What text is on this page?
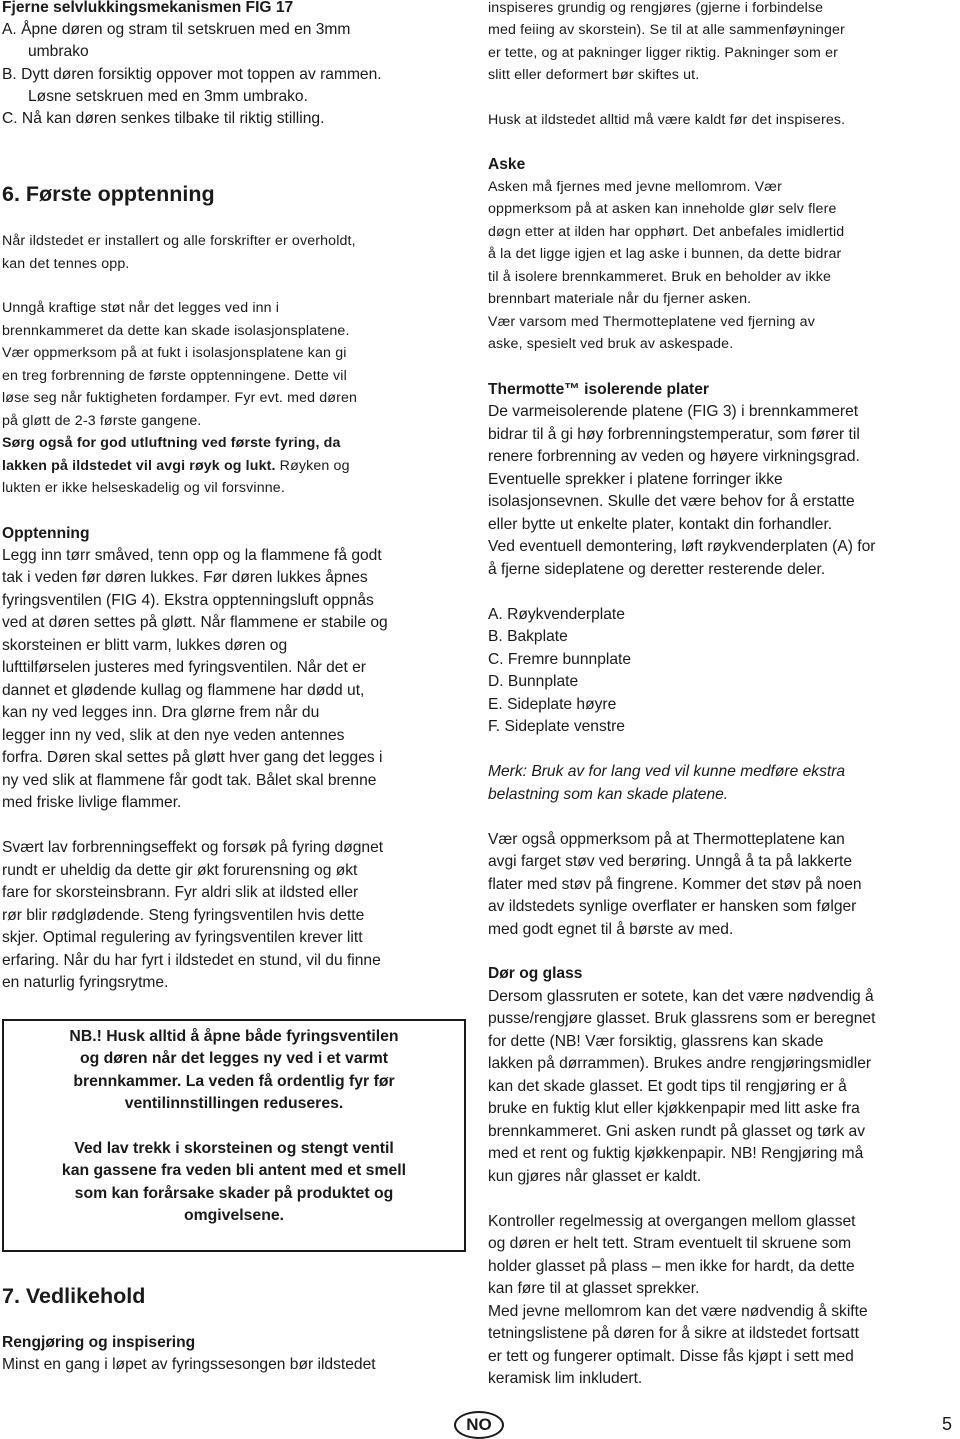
Fjerne selvlukkingsmekanismen FIG 17
A. Åpne døren og stram til setskruen med en 3mm
umbrako
B. Dytt døren forsiktig oppover mot toppen av rammen.
Løsne setskruen med en 3mm umbrako.
C. Nå kan døren senkes tilbake til riktig stilling.
6. Første opptenning
Når ildstedet er installert og alle forskrifter er overholdt,
kan det tennes opp.
Unngå kraftige støt når det legges ved inn i
brennkammeret da dette kan skade isolasjonsplatene.
Vær oppmerksom på at fukt i isolasjonsplatene kan gi
en treg forbrenning de første opptenningene. Dette vil
løse seg når fuktigheten fordamper. Fyr evt. med døren
på gløtt de 2-3 første gangene.
Sørg også for god utluftning ved første fyring, da
lakken på ildstedet vil avgi røyk og lukt. Røyken og
lukten er ikke helseskadelig og vil forsvinne.
Opptenning
Legg inn tørr småved, tenn opp og la flammene få godt
tak i veden før døren lukkes. Før døren lukkes åpnes
fyringsventilen (FIG 4). Ekstra opptenningsluft oppnås
ved at døren settes på gløtt. Når flammene er stabile og
skorsteinen er blitt varm, lukkes døren og
lufttilførselen justeres med fyringsventilen. Når det er
dannet et glødende kullag og flammene har dødd ut,
kan ny ved legges inn. Dra glørne frem når du
legger inn ny ved, slik at den nye veden antennes
forfra. Døren skal settes på gløtt hver gang det legges i
ny ved slik at flammene får godt tak. Bålet skal brenne
med friske livlige flammer.
Svært lav forbrenningseffekt og forsøk på fyring døgnet
rundt er uheldig da dette gir økt forurensning og økt
fare for skorsteinsbrann. Fyr aldri slik at ildsted eller
rør blir rødglødende. Steng fyringsventilen hvis dette
skjer. Optimal regulering av fyringsventilen krever litt
erfaring. Når du har fyrt i ildstedet en stund, vil du finne
en naturlig fyringsrytme.
NB.! Husk alltid å åpne både fyringsventilen
og døren når det legges ny ved i et varmt
brennkammer. La veden få ordentlig fyr før
ventilinnstillingen reduseres.
Ved lav trekk i skorsteinen og stengt ventil
kan gassene fra veden bli antent med et smell
som kan forårsake skader på produktet og
omgivelsene.
7. Vedlikehold
Rengjøring og inspisering
Minst en gang i løpet av fyringssesongen bør ildstedet
inspiseres grundig og rengjøres (gjerne i forbindelse
med feiing av skorstein). Se til at alle sammenføyninger
er tette, og at pakninger ligger riktig. Pakninger som er
slitt eller deformert bør skiftes ut.
Husk at ildstedet alltid må være kaldt før det inspiseres.
Aske
Asken må fjernes med jevne mellomrom. Vær
oppmerksom på at asken kan inneholde glør selv flere
døgn etter at ilden har opphørt. Det anbefales imidlertid
å la det ligge igjen et lag aske i bunnen, da dette bidrar
til å isolere brennkammeret. Bruk en beholder av ikke
brennbart materiale når du fjerner asken.
Vær varsom med Thermotteplatene ved fjerning av
aske, spesielt ved bruk av askespade.
Thermotte™ isolerende plater
De varmeisolerende platene (FIG 3) i brennkammeret
bidrar til å gi høy forbrenningstemperatur, som fører til
renere forbrenning av veden og høyere virkningsgrad.
Eventuelle sprekker i platene forringer ikke
isolasjonsevnen. Skulle det være behov for å erstatte
eller bytte ut enkelte plater, kontakt din forhandler.
Ved eventuell demontering, løft røykvenderplaten (A) for
å fjerne sideplatene og deretter resterende deler.
A. Røykvenderplate
B. Bakplate
C. Fremre bunnplate
D. Bunnplate
E. Sideplate høyre
F. Sideplate venstre
Merk: Bruk av for lang ved vil kunne medføre ekstra
belastning som kan skade platene.
Vær også oppmerksom på at Thermotteplatene kan
avgi farget støv ved berøring. Unngå å ta på lakkerte
flater med støv på fingrene. Kommer det støv på noen
av ildstedets synlige overflater er hansken som følger
med godt egnet til å børste av med.
Dør og glass
Dersom glassruten er sotete, kan det være nødvendig å
pusse/rengjøre glasset. Bruk glassrens som er beregnet
for dette (NB! Vær forsiktig, glassrens kan skade
lakken på dørrammen). Brukes andre rengjøringsmidler
kan det skade glasset. Et godt tips til rengjøring er å
bruke en fuktig klut eller kjøkkenpapir med litt aske fra
brennkammeret. Gni asken rundt på glasset og tørk av
med et rent og fuktig kjøkkenpapir. NB! Rengjøring må
kun gjøres når glasset er kaldt.
Kontroller regelmessig at overgangen mellom glasset
og døren er helt tett. Stram eventuelt til skruene som
holder glasset på plass – men ikke for hardt, da dette
kan føre til at glasset sprekker.
Med jevne mellomrom kan det være nødvendig å skifte
tetningslistene på døren for å sikre at ildstedet fortsatt
er tett og fungerer optimalt. Disse fås kjøpt i sett med
keramisk lim inkludert.
NO	5
